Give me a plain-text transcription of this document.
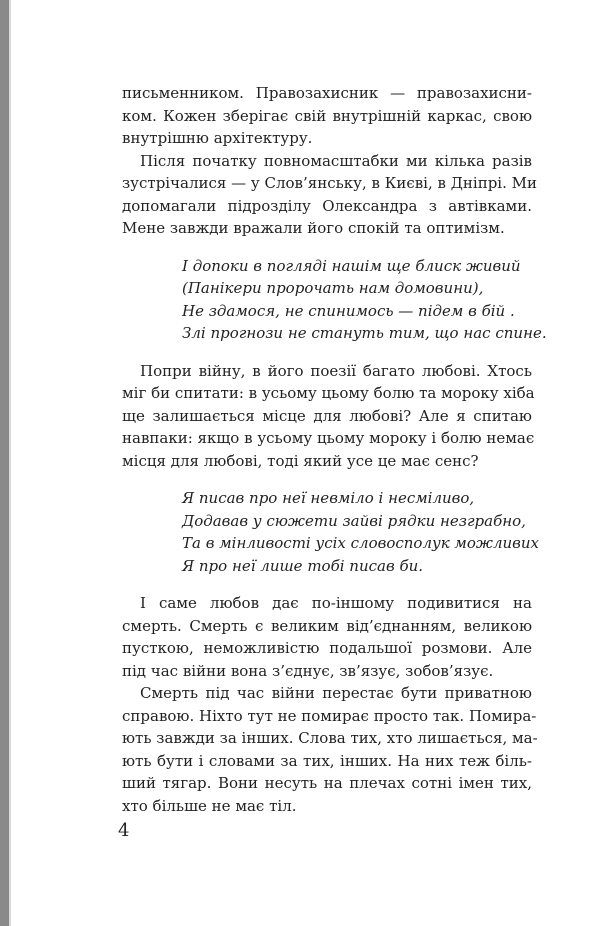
письменником. Правозахисник — правозахисни-
ком. Кожен зберігає свій внутрішній каркас, свою
внутрішню архітектуру.
Після початку повномасштабки ми кілька разів
зустрічалися — у Слов’янську, в Києві, в Дніпрі. Ми
допомагали підрозділу Олександра з автівками.
Мене завжди вражали його спокій та оптимізм.
І допоки в погляді нашім ще блиск живий
(Панікери пророчать нам домовини),
Не здамося, не спинимось — підем в бій .
Злі прогнози не стануть тим, що нас спине.
Попри війну, в його поезії багато любові. Хтось
міг би спитати: в усьому цьому болю та мороку хіба
ще залишається місце для любові? Але я спитаю
навпаки: якщо в усьому цьому мороку і болю немає
місця для любові, тоді який усе це має сенс?
Я писав про неї невміло і несміливо,
Додавав у сюжети зайві рядки незграбно,
Та в мінливості усіх словосполук можливих
Я про неї лише тобі писав би.
І саме любов дає по-іншому подивитися на
смерть. Смерть є великим від’єднанням, великою
пусткою, неможливістю подальшої розмови. Але
під час війни вона з’єднує, зв’язує, зобов’язує.
Смерть під час війни перестає бути приватною
справою. Ніхто тут не помирає просто так. Помира-
ють завжди за інших. Слова тих, хто лишається, ма-
ють бути і словами за тих, інших. На них теж біль-
ший тягар. Вони несуть на плечах сотні імен тих,
хто більше не має тіл.
4
